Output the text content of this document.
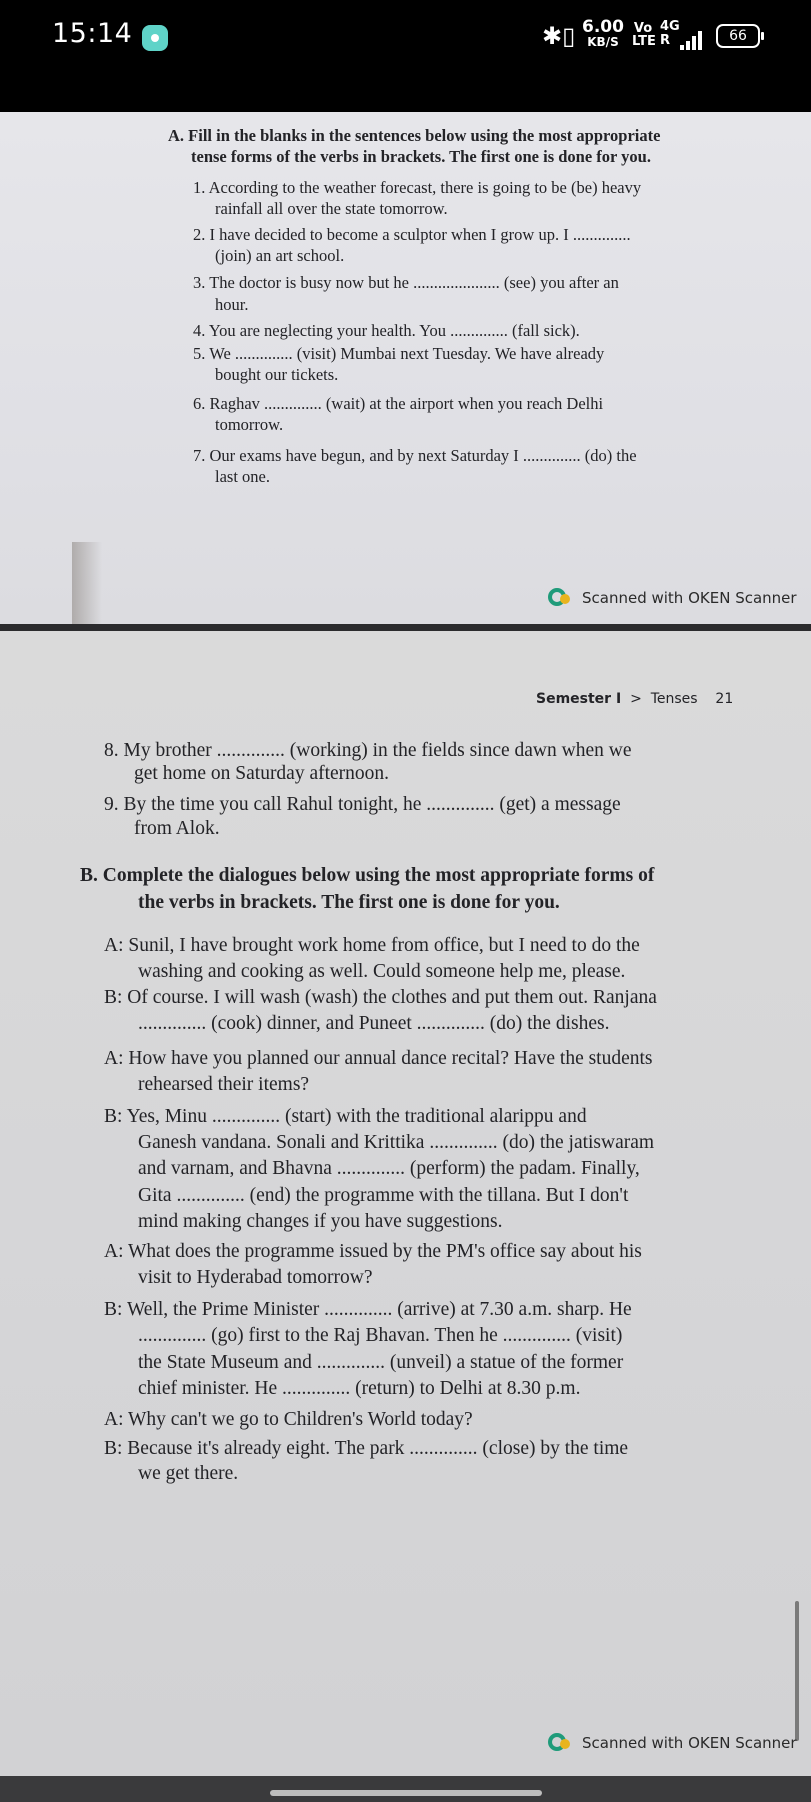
15:14	✱▯ 6.00
KB/S
Vo LTE
4G R	66
A. Fill in the blanks in the sentences below using the most appropriate
tense forms of the verbs in brackets. The first one is done for you.
1. According to the weather forecast, there is going to be (be) heavy
rainfall all over the state tomorrow.
2. I have decided to become a sculptor when I grow up. I ..............
(join) an art school.
3. The doctor is busy now but he ..................... (see) you after an
hour.
4. You are neglecting your health. You .............. (fall sick).
5. We .............. (visit) Mumbai next Tuesday. We have already
bought our tickets.
6. Raghav .............. (wait) at the airport when you reach Delhi
tomorrow.
7. Our exams have begun, and by next Saturday I .............. (do) the
last one.
Scanned with OKEN Scanner
Semester I > Tenses 21
8. My brother .............. (working) in the fields since dawn when we
get home on Saturday afternoon.
9. By the time you call Rahul tonight, he .............. (get) a message
from Alok.
B. Complete the dialogues below using the most appropriate forms of
the verbs in brackets. The first one is done for you.
A: Sunil, I have brought work home from office, but I need to do the
washing and cooking as well. Could someone help me, please.
B: Of course. I will wash (wash) the clothes and put them out. Ranjana
.............. (cook) dinner, and Puneet .............. (do) the dishes.
A: How have you planned our annual dance recital? Have the students
rehearsed their items?
B: Yes, Minu .............. (start) with the traditional alarippu and
Ganesh vandana. Sonali and Krittika .............. (do) the jatiswaram
and varnam, and Bhavna .............. (perform) the padam. Finally,
Gita .............. (end) the programme with the tillana. But I don't
mind making changes if you have suggestions.
A: What does the programme issued by the PM's office say about his
visit to Hyderabad tomorrow?
B: Well, the Prime Minister .............. (arrive) at 7.30 a.m. sharp. He
.............. (go) first to the Raj Bhavan. Then he .............. (visit)
the State Museum and .............. (unveil) a statue of the former
chief minister. He .............. (return) to Delhi at 8.30 p.m.
A: Why can't we go to Children's World today?
B: Because it's already eight. The park .............. (close) by the time
we get there.
Scanned with OKEN Scanner
